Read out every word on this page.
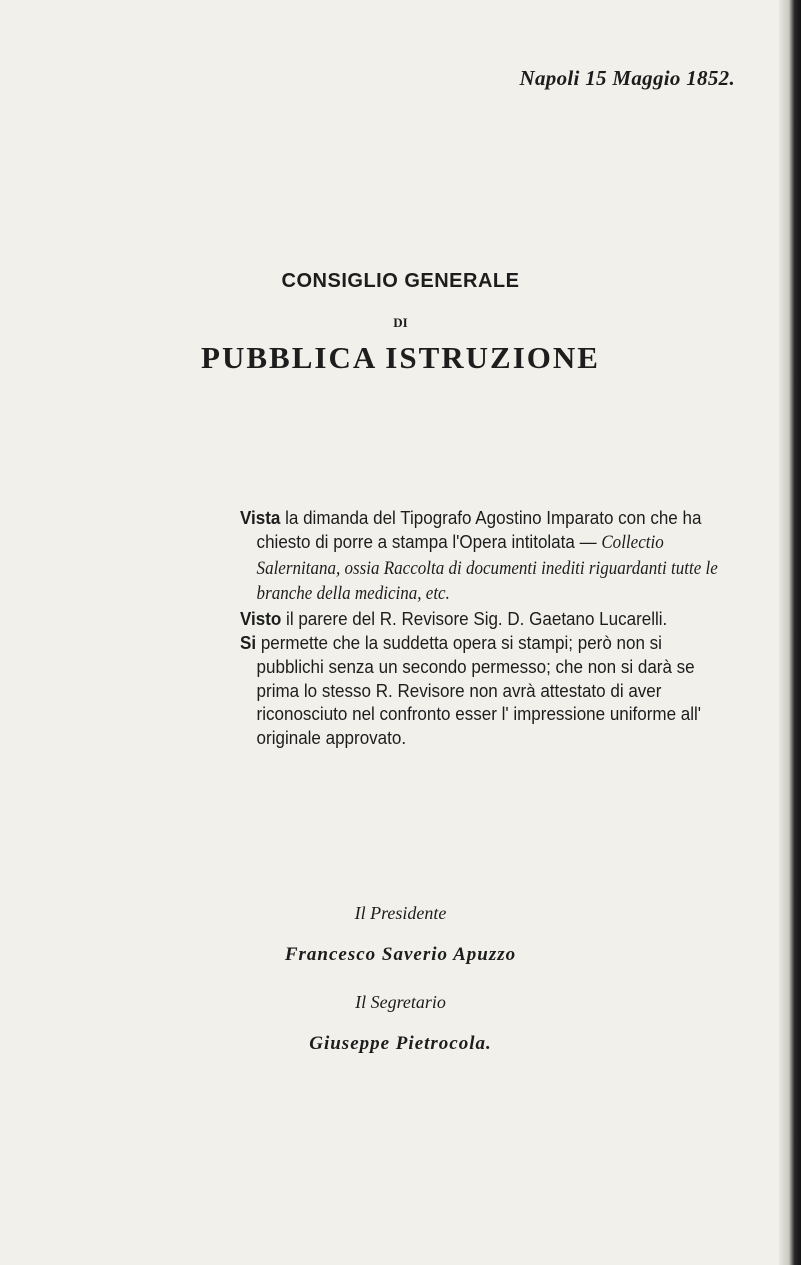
Napoli 15 Maggio 1852.
CONSIGLIO GENERALE
DI
PUBBLICA ISTRUZIONE

Vista la dimanda del Tipografo Agostino Imparato con che ha chiesto di porre a stampa l'Opera intitolata — Collectio Salernitana, ossia Raccolta di documenti inediti riguardanti tutte le branche della medicina, etc.

Visto il parere del R. Revisore Sig. D. Gaetano Lucarelli.

Si permette che la suddetta opera si stampi; però non si pubblichi senza un secondo permesso; che non si darà se prima lo stesso R. Revisore non avrà attestato di aver riconosciuto nel confronto esser l' impressione uniforme all' originale approvato.

Il Presidente
Francesco Saverio Apuzzo
Il Segretario
Giuseppe Pietrocola.
